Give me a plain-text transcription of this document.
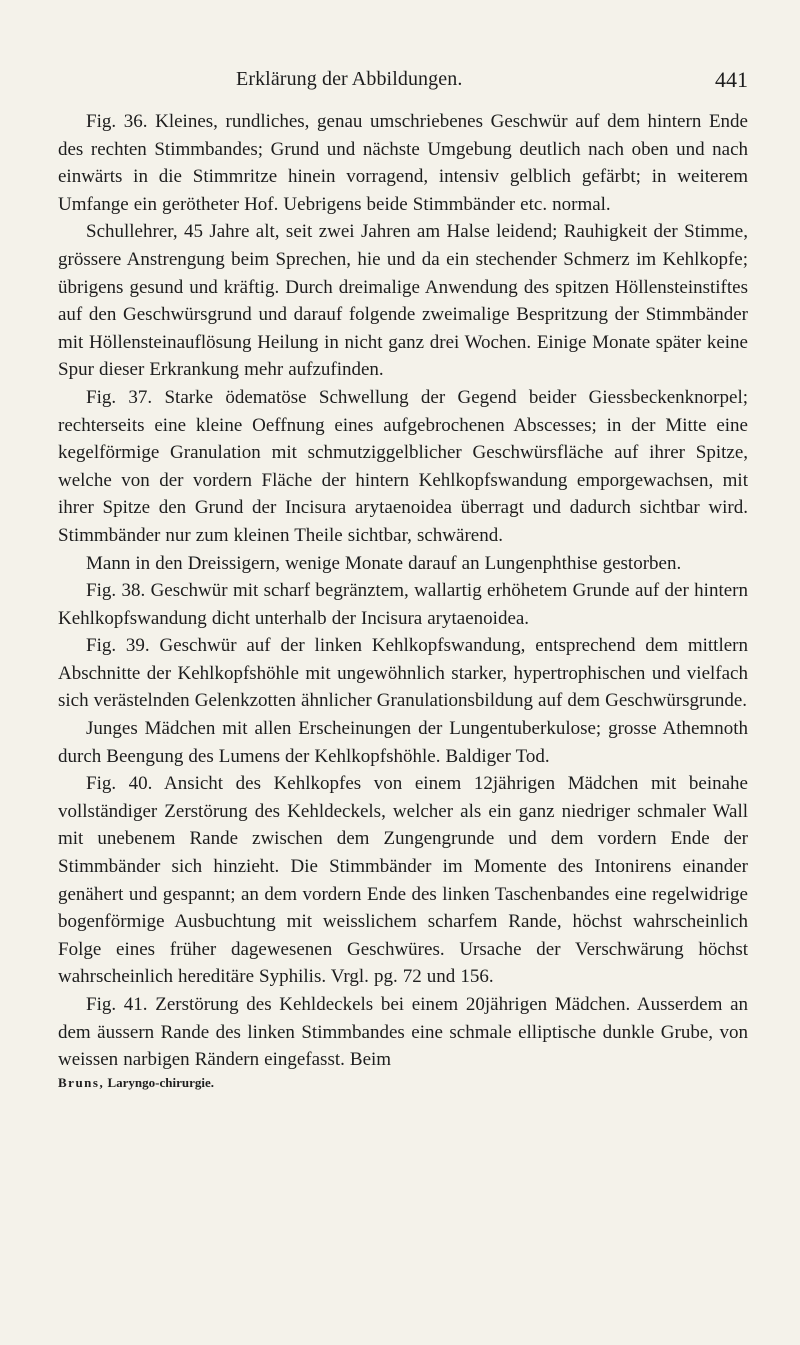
Erklärung der Abbildungen.	441

Fig. 36. Kleines, rundliches, genau umschriebenes Geschwür auf dem hintern Ende des rechten Stimmbandes; Grund und nächste Umgebung deutlich nach oben und nach einwärts in die Stimmritze hinein vorragend, intensiv gelblich gefärbt; in weiterem Umfange ein gerötheter Hof. Uebrigens beide Stimmbänder etc. normal.

Schullehrer, 45 Jahre alt, seit zwei Jahren am Halse leidend; Rauhigkeit der Stimme, grössere Anstrengung beim Sprechen, hie und da ein stechender Schmerz im Kehlkopfe; übrigens gesund und kräftig. Durch dreimalige Anwendung des spitzen Höllensteinstiftes auf den Geschwürsgrund und darauf folgende zweimalige Bespritzung der Stimmbänder mit Höllensteinauflösung Heilung in nicht ganz drei Wochen. Einige Monate später keine Spur dieser Erkrankung mehr aufzufinden.

Fig. 37. Starke ödematöse Schwellung der Gegend beider Giessbeckenknorpel; rechterseits eine kleine Oeffnung eines aufgebrochenen Abscesses; in der Mitte eine kegelförmige Granulation mit schmutziggelblicher Geschwürsfläche auf ihrer Spitze, welche von der vordern Fläche der hintern Kehlkopfswandung emporgewachsen, mit ihrer Spitze den Grund der Incisura arytaenoidea überragt und dadurch sichtbar wird. Stimmbänder nur zum kleinen Theile sichtbar, schwärend.

Mann in den Dreissigern, wenige Monate darauf an Lungenphthise gestorben.

Fig. 38. Geschwür mit scharf begränztem, wallartig erhöhetem Grunde auf der hintern Kehlkopfswandung dicht unterhalb der Incisura arytaenoidea.

Fig. 39. Geschwür auf der linken Kehlkopfswandung, entsprechend dem mittlern Abschnitte der Kehlkopfshöhle mit ungewöhnlich starker, hypertrophischen und vielfach sich verästelnden Gelenkzotten ähnlicher Granulationsbildung auf dem Geschwürsgrunde.

Junges Mädchen mit allen Erscheinungen der Lungentuberkulose; grosse Athemnoth durch Beengung des Lumens der Kehlkopfshöhle. Baldiger Tod.

Fig. 40. Ansicht des Kehlkopfes von einem 12jährigen Mädchen mit beinahe vollständiger Zerstörung des Kehldeckels, welcher als ein ganz niedriger schmaler Wall mit unebenem Rande zwischen dem Zungengrunde und dem vordern Ende der Stimmbänder sich hinzieht. Die Stimmbänder im Momente des Intonirens einander genähert und gespannt; an dem vordern Ende des linken Taschenbandes eine regelwidrige bogenförmige Ausbuchtung mit weisslichem scharfem Rande, höchst wahrscheinlich Folge eines früher dagewesenen Geschwüres. Ursache der Verschwärung höchst wahrscheinlich hereditäre Syphilis. Vrgl. pg. 72 und 156.

Fig. 41. Zerstörung des Kehldeckels bei einem 20jährigen Mädchen. Ausserdem an dem äussern Rande des linken Stimmbandes eine schmale elliptische dunkle Grube, von weissen narbigen Rändern eingefasst. Beim

Bruns, Laryngo-chirurgie.
